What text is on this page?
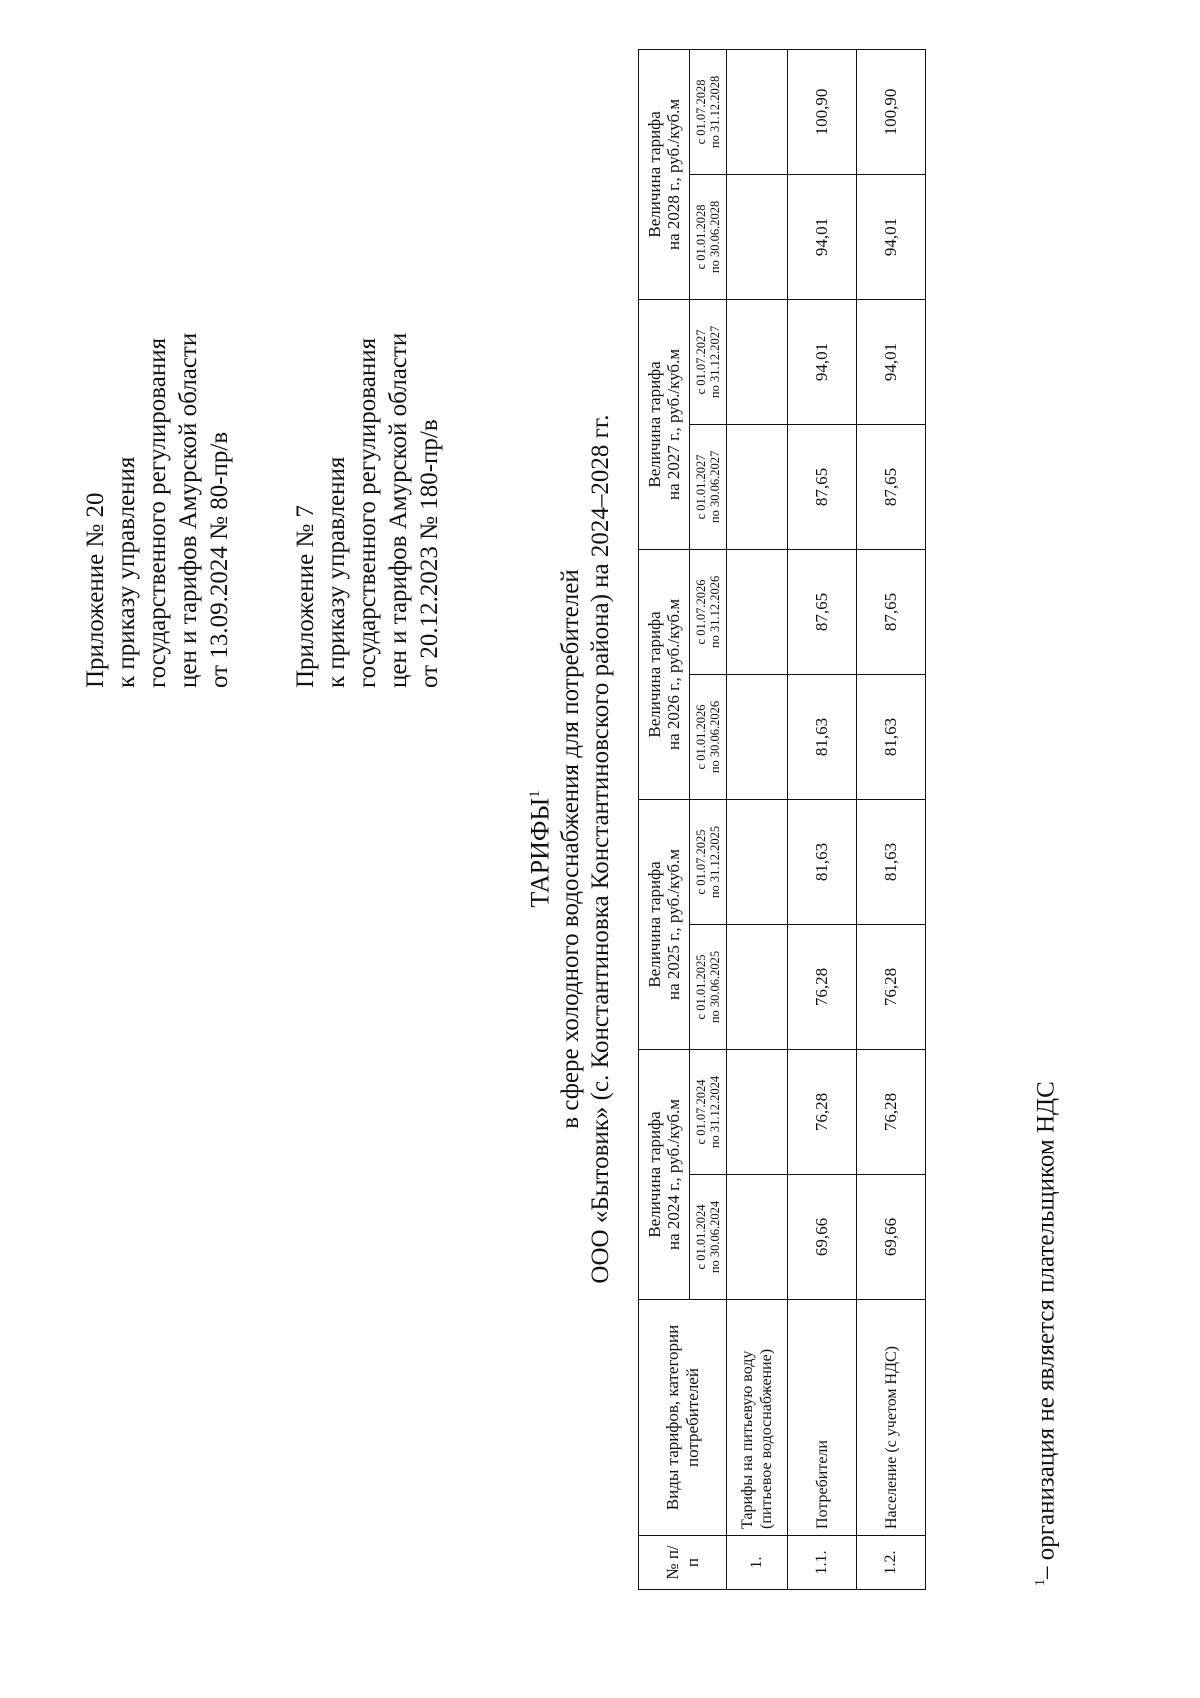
Приложение № 20 к приказу управления государственного регулирования цен и тарифов Амурской области от 13.09.2024 № 80-пр/в Приложение № 7 к приказу управления государственного регулирования цен и тарифов Амурской области от 20.12.2023 № 180-пр/в
ТАРИФЫ$^1$ в сфере холодного водоснабжения для потребителей ООО «Бытовик» (с. Константиновка Константиновского района) на 2024–2028 гг.
№ п/п	Виды тарифов, категории потребителей	Величина тарифа на 2024 г., руб./куб.м		Величина тарифа на 2025 г., руб./куб.м		Величина тарифа на 2026 г., руб./куб.м		Величина тарифа на 2027 г., руб./куб.м		Величина тарифа на 2028 г., руб./куб.м	

		с 01.01.2024 по 30.06.2024	с 01.07.2024 по 31.12.2024	с 01.01.2025 по 30.06.2025	с 01.07.2025 по 31.12.2025	с 01.01.2026 по 30.06.2026	с 01.07.2026 по 31.12.2026	с 01.01.2027 по 30.06.2027	с 01.07.2027 по 31.12.2027	с 01.01.2028 по 30.06.2028	с 01.07.2028 по 31.12.2028

1.	Тарифы на питьевую воду (питьевое водоснабжение)										
1.1.	Потребители	69,66	76,28	76,28	81,63	81,63	87,65	87,65	94,01	94,01	100,90
1.2.	Население (с учетом НДС)	69,66	76,28	76,28	81,63	81,63	87,65	87,65	94,01	94,01	100,90
$^1$– организация не является плательщиком НДС
